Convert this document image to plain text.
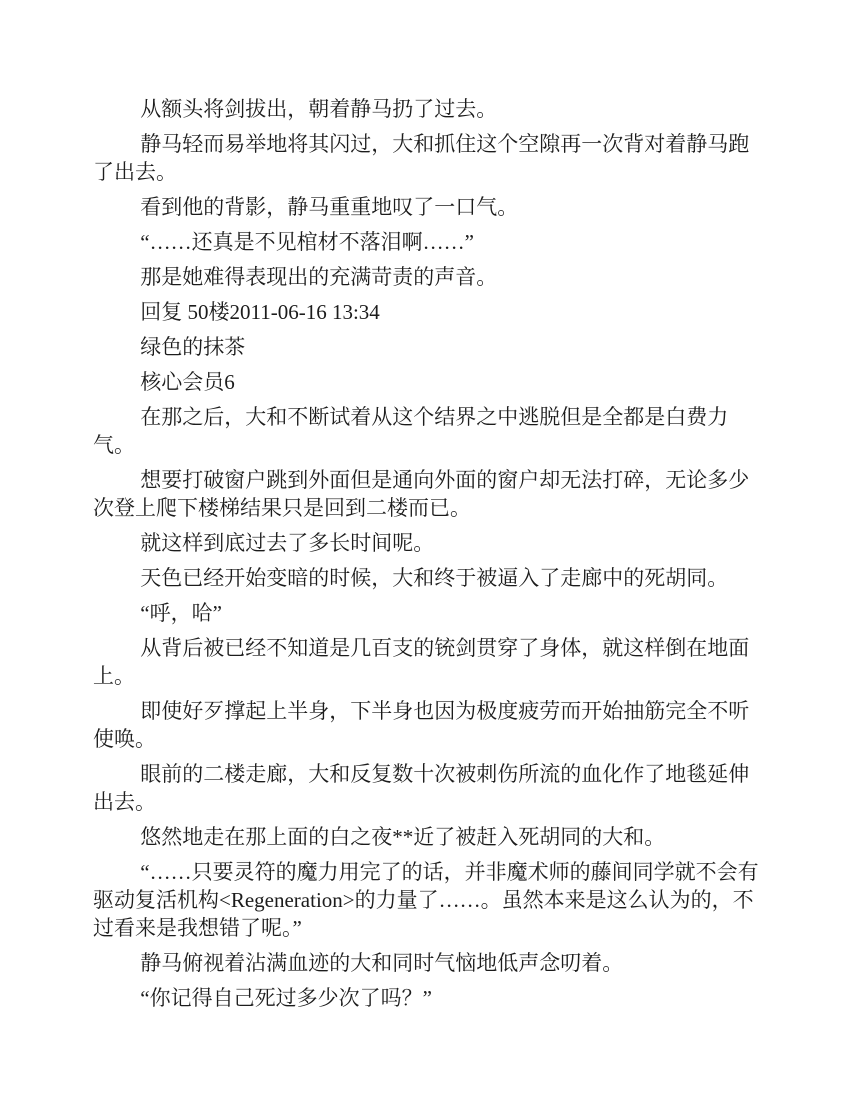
从额头将剑拔出，朝着静马扔了过去。

静马轻而易举地将其闪过，大和抓住这个空隙再一次背对着静马跑了出去。

看到他的背影，静马重重地叹了一口气。

“……还真是不见棺材不落泪啊……”

那是她难得表现出的充满苛责的声音。

回复 50楼2011-06-16 13:34

绿色的抹茶

核心会员6

在那之后，大和不断试着从这个结界之中逃脱但是全都是白费力气。

想要打破窗户跳到外面但是通向外面的窗户却无法打碎，无论多少次登上爬下楼梯结果只是回到二楼而已。

就这样到底过去了多长时间呢。

天色已经开始变暗的时候，大和终于被逼入了走廊中的死胡同。

“呼，哈”

从背后被已经不知道是几百支的铳剑贯穿了身体，就这样倒在地面上。

即使好歹撑起上半身，下半身也因为极度疲劳而开始抽筋完全不听使唤。

眼前的二楼走廊，大和反复数十次被刺伤所流的血化作了地毯延伸出去。

悠然地走在那上面的白之夜**近了被赶入死胡同的大和。

“……只要灵符的魔力用完了的话，并非魔术师的藤间同学就不会有驱动复活机构<Regeneration>的力量了……。虽然本来是这么认为的，不过看来是我想错了呢。”

静马俯视着沾满血迹的大和同时气恼地低声念叨着。

“你记得自己死过多少次了吗？”
